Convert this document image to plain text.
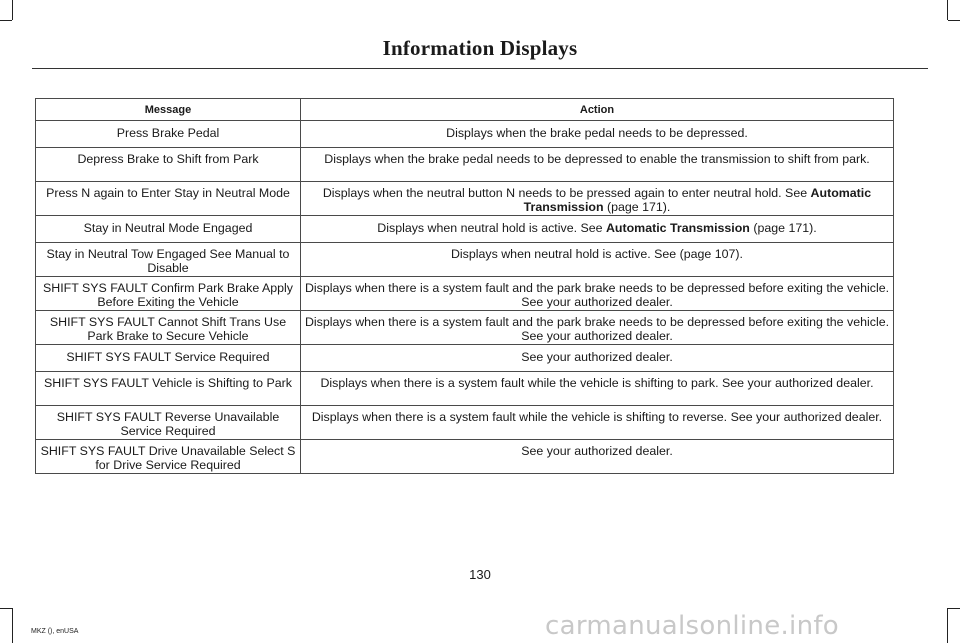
Information Displays
Message	Action
Press Brake Pedal	Displays when the brake pedal needs to be depressed.
Depress Brake to Shift from Park	Displays when the brake pedal needs to be depressed to enable the transmission to shift from park.
Press N again to Enter Stay in Neutral Mode	Displays when the neutral button N needs to be pressed again to enter neutral hold. See Automatic Transmission (page 171).
Stay in Neutral Mode Engaged	Displays when neutral hold is active. See Automatic Transmission (page 171).
Stay in Neutral Tow Engaged See Manual to Disable	Displays when neutral hold is active. See (page 107).
SHIFT SYS FAULT Confirm Park Brake Apply Before Exiting the Vehicle	Displays when there is a system fault and the park brake needs to be depressed before exiting the vehicle. See your authorized dealer.
SHIFT SYS FAULT Cannot Shift Trans Use Park Brake to Secure Vehicle	Displays when there is a system fault and the park brake needs to be depressed before exiting the vehicle. See your authorized dealer.
SHIFT SYS FAULT Service Required	See your authorized dealer.
SHIFT SYS FAULT Vehicle is Shifting to Park	Displays when there is a system fault while the vehicle is shifting to park. See your authorized dealer.
SHIFT SYS FAULT Reverse Unavailable Service Required	Displays when there is a system fault while the vehicle is shifting to reverse. See your authorized dealer.
SHIFT SYS FAULT Drive Unavailable Select S for Drive Service Required	See your authorized dealer.
130
MKZ (), enUSA	carmanualsonline.info
